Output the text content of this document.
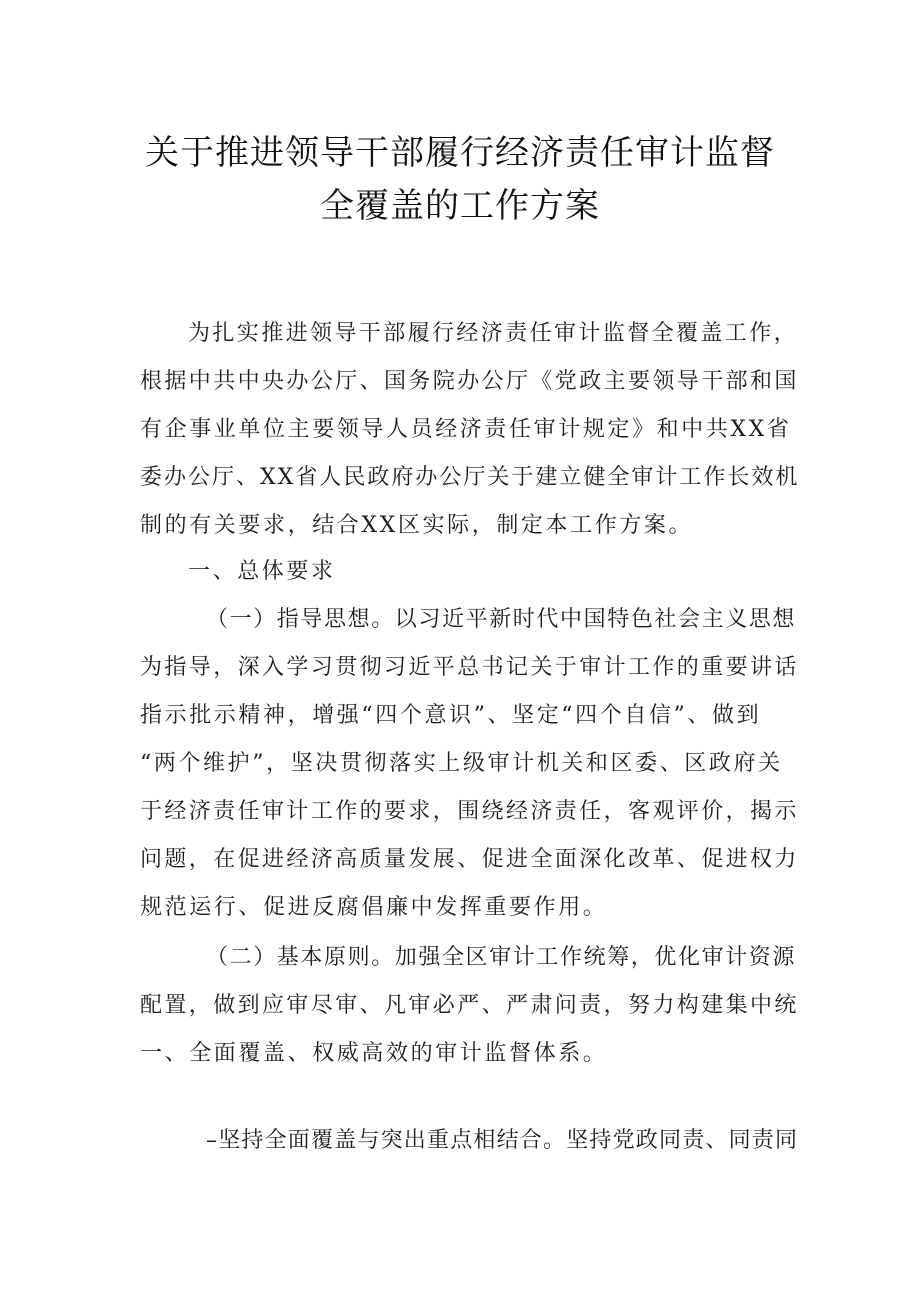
关于推进领导干部履行经济责任审计监督
全覆盖的工作方案
为扎实推进领导干部履行经济责任审计监督全覆盖工作，
根据中共中央办公厅、国务院办公厅《党政主要领导干部和国
有企事业单位主要领导人员经济责任审计规定》和中共XX省
委办公厅、XX省人民政府办公厅关于建立健全审计工作长效机
制的有关要求，结合XX区实际，制定本工作方案。
一、总体要求
（一）指导思想。以习近平新时代中国特色社会主义思想
为指导，深入学习贯彻习近平总书记关于审计工作的重要讲话
指示批示精神，增强“四个意识”、坚定“四个自信”、做到
“两个维护”，坚决贯彻落实上级审计机关和区委、区政府关
于经济责任审计工作的要求，围绕经济责任，客观评价，揭示
问题，在促进经济高质量发展、促进全面深化改革、促进权力
规范运行、促进反腐倡廉中发挥重要作用。
（二）基本原则。加强全区审计工作统筹，优化审计资源
配置，做到应审尽审、凡审必严、严肃问责，努力构建集中统
一、全面覆盖、权威高效的审计监督体系。
–坚持全面覆盖与突出重点相结合。坚持党政同责、同责同
